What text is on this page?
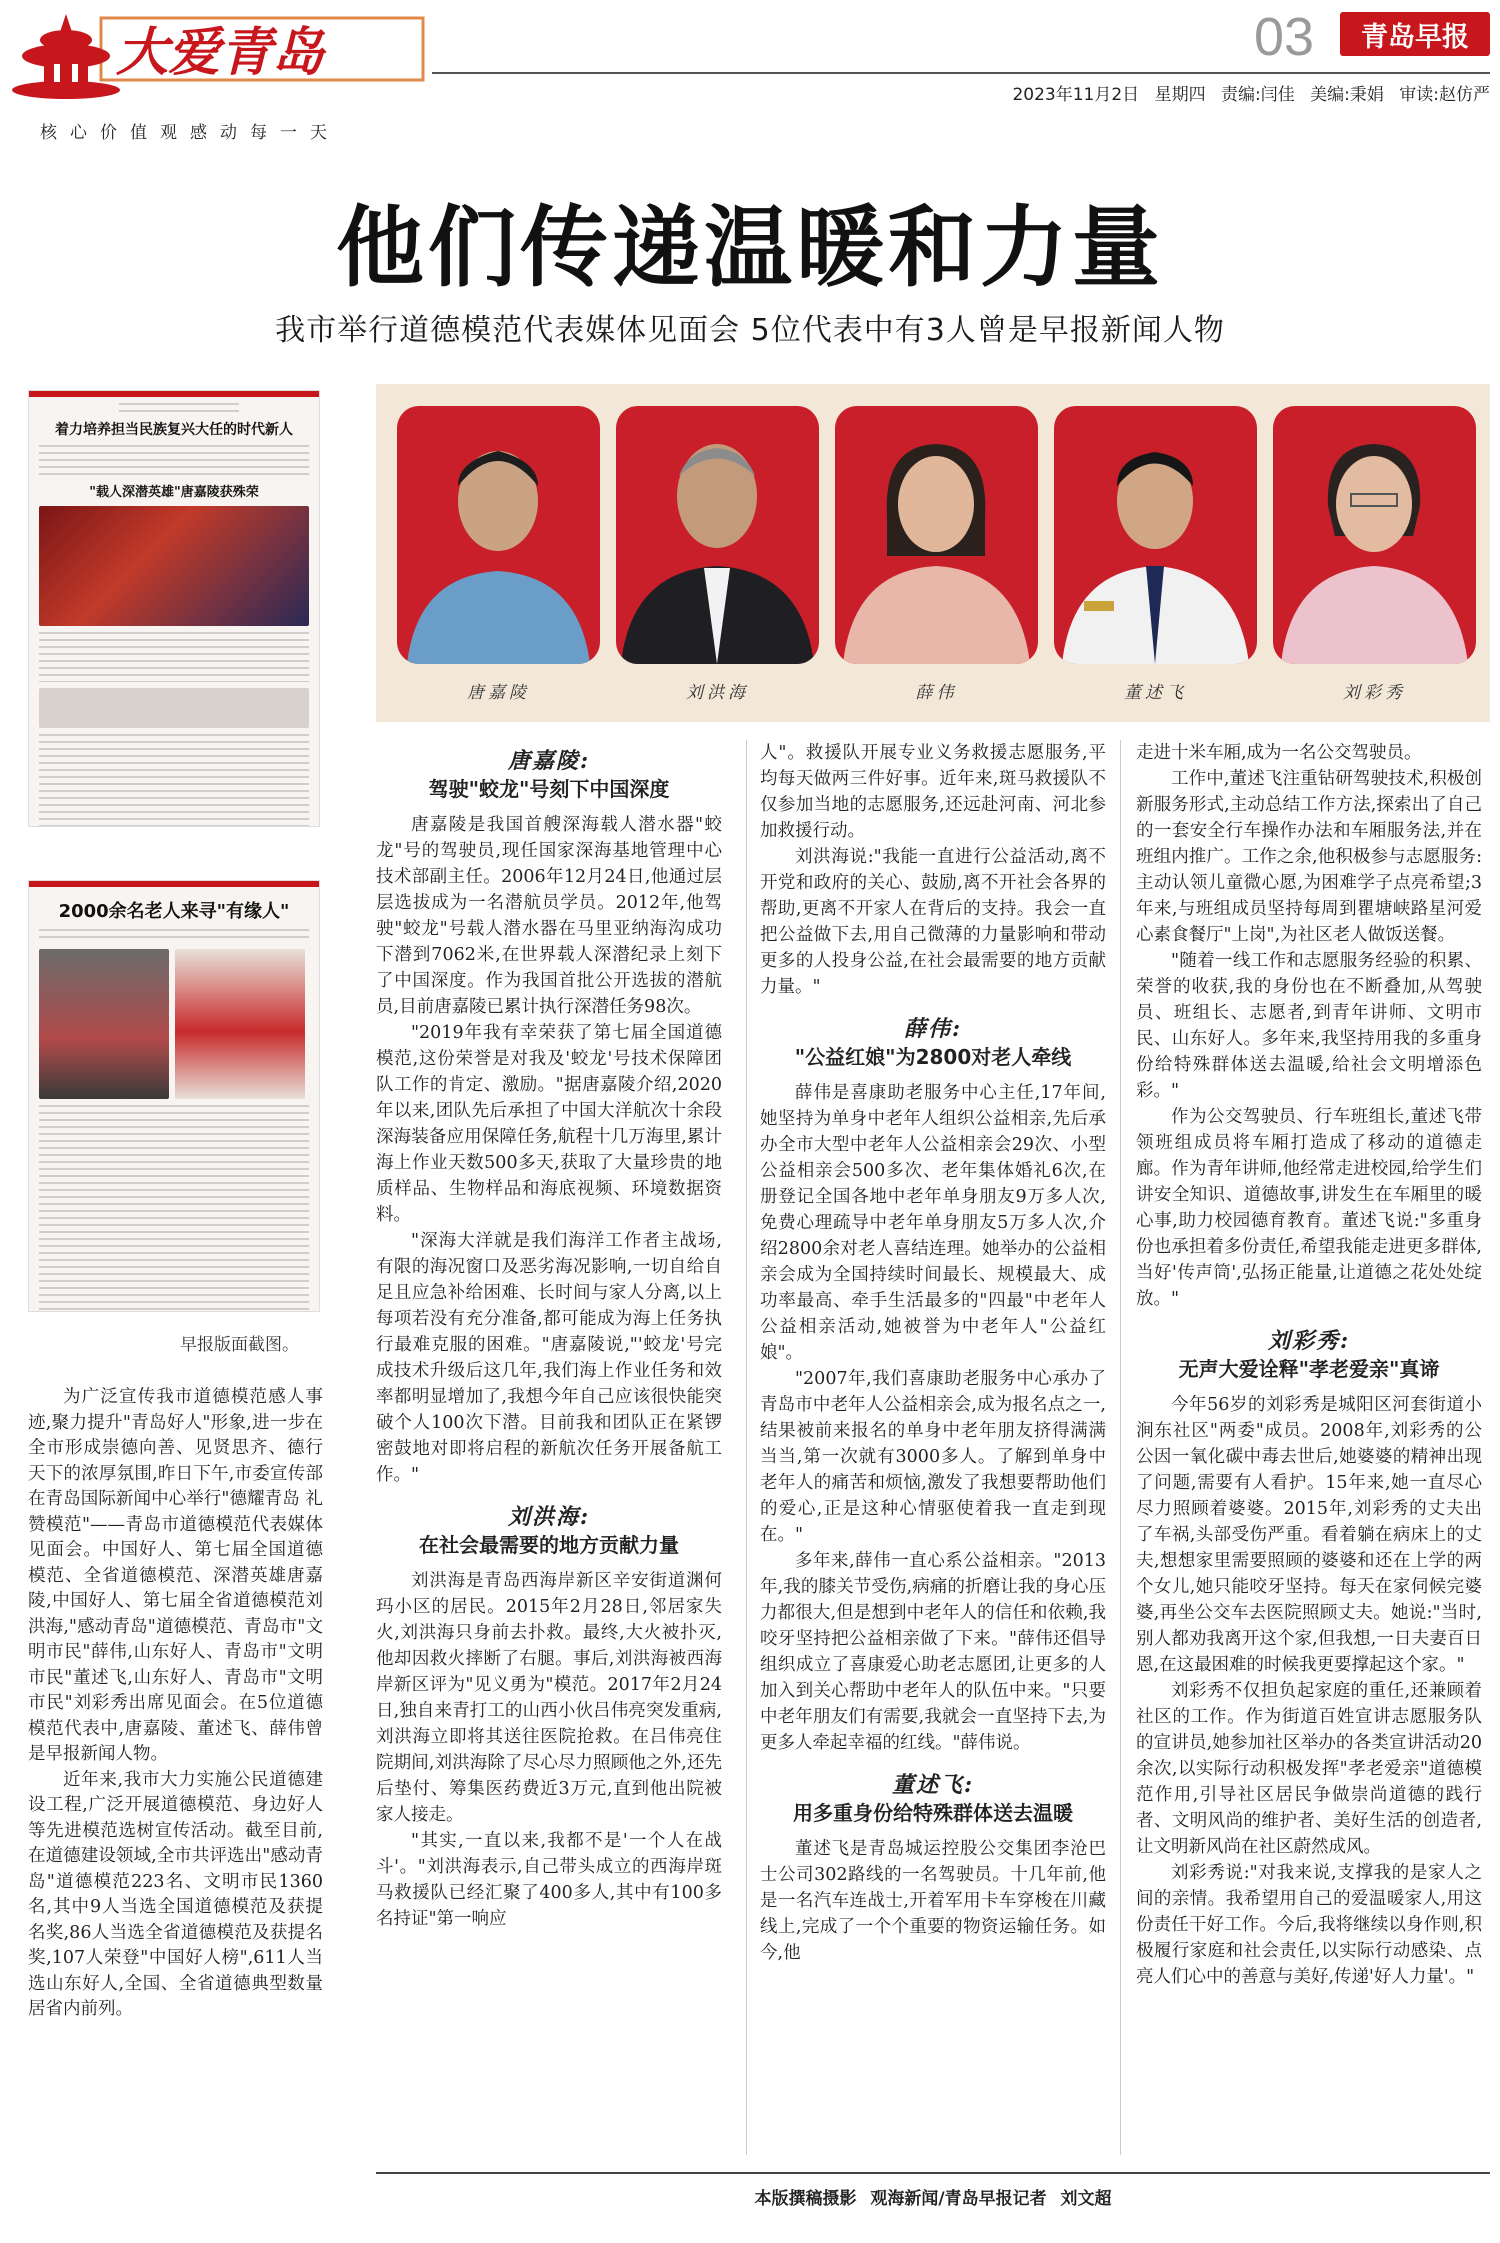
大爱青岛
核心价值观感动每一天
03	青岛早报
2023年11月2日 星期四 责编:闫佳 美编:秉娟 审读:赵仿严
他们传递温暖和力量
我市举行道德模范代表媒体见面会 5位代表中有3人曾是早报新闻人物
着力培养担当民族复兴大任的时代新人
"载人深潜英雄"唐嘉陵获殊荣
2000余名老人来寻"有缘人"
早报版面截图。

为广泛宣传我市道德模范感人事迹,聚力提升"青岛好人"形象,进一步在全市形成崇德向善、见贤思齐、德行天下的浓厚氛围,昨日下午,市委宣传部在青岛国际新闻中心举行"德耀青岛 礼赞模范"——青岛市道德模范代表媒体见面会。中国好人、第七届全国道德模范、全省道德模范、深潜英雄唐嘉陵,中国好人、第七届全省道德模范刘洪海,"感动青岛"道德模范、青岛市"文明市民"薛伟,山东好人、青岛市"文明市民"董述飞,山东好人、青岛市"文明市民"刘彩秀出席见面会。在5位道德模范代表中,唐嘉陵、董述飞、薛伟曾是早报新闻人物。

近年来,我市大力实施公民道德建设工程,广泛开展道德模范、身边好人等先进模范选树宣传活动。截至目前,在道德建设领域,全市共评选出"感动青岛"道德模范223名、文明市民1360名,其中9人当选全国道德模范及获提名奖,86人当选全省道德模范及获提名奖,107人荣登"中国好人榜",611人当选山东好人,全国、全省道德典型数量居省内前列。

唐嘉陵	刘洪海	薛伟	董述飞	刘彩秀
唐嘉陵:
驾驶"蛟龙"号刻下中国深度

唐嘉陵是我国首艘深海载人潜水器"蛟龙"号的驾驶员,现任国家深海基地管理中心技术部副主任。2006年12月24日,他通过层层选拔成为一名潜航员学员。2012年,他驾驶"蛟龙"号载人潜水器在马里亚纳海沟成功下潜到7062米,在世界载人深潜纪录上刻下了中国深度。作为我国首批公开选拔的潜航员,目前唐嘉陵已累计执行深潜任务98次。

"2019年我有幸荣获了第七届全国道德模范,这份荣誉是对我及'蛟龙'号技术保障团队工作的肯定、激励。"据唐嘉陵介绍,2020年以来,团队先后承担了中国大洋航次十余段深海装备应用保障任务,航程十几万海里,累计海上作业天数500多天,获取了大量珍贵的地质样品、生物样品和海底视频、环境数据资料。

"深海大洋就是我们海洋工作者主战场,有限的海况窗口及恶劣海况影响,一切自给自足且应急补给困难、长时间与家人分离,以上每项若没有充分准备,都可能成为海上任务执行最难克服的困难。"唐嘉陵说,"'蛟龙'号完成技术升级后这几年,我们海上作业任务和效率都明显增加了,我想今年自己应该很快能突破个人100次下潜。目前我和团队正在紧锣密鼓地对即将启程的新航次任务开展备航工作。"

刘洪海:
在社会最需要的地方贡献力量

刘洪海是青岛西海岸新区辛安街道渊何玛小区的居民。2015年2月28日,邻居家失火,刘洪海只身前去扑救。最终,大火被扑灭,他却因救火摔断了右腿。事后,刘洪海被西海岸新区评为"见义勇为"模范。2017年2月24日,独自来青打工的山西小伙吕伟亮突发重病,刘洪海立即将其送往医院抢救。在吕伟亮住院期间,刘洪海除了尽心尽力照顾他之外,还先后垫付、筹集医药费近3万元,直到他出院被家人接走。

"其实,一直以来,我都不是'一个人在战斗'。"刘洪海表示,自己带头成立的西海岸斑马救援队已经汇聚了400多人,其中有100多名持证"第一响应

人"。救援队开展专业义务救援志愿服务,平均每天做两三件好事。近年来,斑马救援队不仅参加当地的志愿服务,还远赴河南、河北参加救援行动。

刘洪海说:"我能一直进行公益活动,离不开党和政府的关心、鼓励,离不开社会各界的帮助,更离不开家人在背后的支持。我会一直把公益做下去,用自己微薄的力量影响和带动更多的人投身公益,在社会最需要的地方贡献力量。"

薛伟:
"公益红娘"为2800对老人牵线

薛伟是喜康助老服务中心主任,17年间,她坚持为单身中老年人组织公益相亲,先后承办全市大型中老年人公益相亲会29次、小型公益相亲会500多次、老年集体婚礼6次,在册登记全国各地中老年单身朋友9万多人次,免费心理疏导中老年单身朋友5万多人次,介绍2800余对老人喜结连理。她举办的公益相亲会成为全国持续时间最长、规模最大、成功率最高、牵手生活最多的"四最"中老年人公益相亲活动,她被誉为中老年人"公益红娘"。

"2007年,我们喜康助老服务中心承办了青岛市中老年人公益相亲会,成为报名点之一,结果被前来报名的单身中老年朋友挤得满满当当,第一次就有3000多人。了解到单身中老年人的痛苦和烦恼,激发了我想要帮助他们的爱心,正是这种心情驱使着我一直走到现在。"

多年来,薛伟一直心系公益相亲。"2013年,我的膝关节受伤,病痛的折磨让我的身心压力都很大,但是想到中老年人的信任和依赖,我咬牙坚持把公益相亲做了下来。"薛伟还倡导组织成立了喜康爱心助老志愿团,让更多的人加入到关心帮助中老年人的队伍中来。"只要中老年朋友们有需要,我就会一直坚持下去,为更多人牵起幸福的红线。"薛伟说。

董述飞:
用多重身份给特殊群体送去温暖

董述飞是青岛城运控股公交集团李沧巴士公司302路线的一名驾驶员。十几年前,他是一名汽车连战士,开着军用卡车穿梭在川藏线上,完成了一个个重要的物资运输任务。如今,他

走进十米车厢,成为一名公交驾驶员。

工作中,董述飞注重钻研驾驶技术,积极创新服务形式,主动总结工作方法,探索出了自己的一套安全行车操作办法和车厢服务法,并在班组内推广。工作之余,他积极参与志愿服务:主动认领儿童微心愿,为困难学子点亮希望;3年来,与班组成员坚持每周到瞿塘峡路星河爱心素食餐厅"上岗",为社区老人做饭送餐。

"随着一线工作和志愿服务经验的积累、荣誉的收获,我的身份也在不断叠加,从驾驶员、班组长、志愿者,到青年讲师、文明市民、山东好人。多年来,我坚持用我的多重身份给特殊群体送去温暖,给社会文明增添色彩。"

作为公交驾驶员、行车班组长,董述飞带领班组成员将车厢打造成了移动的道德走廊。作为青年讲师,他经常走进校园,给学生们讲安全知识、道德故事,讲发生在车厢里的暖心事,助力校园德育教育。董述飞说:"多重身份也承担着多份责任,希望我能走进更多群体,当好'传声筒',弘扬正能量,让道德之花处处绽放。"

刘彩秀:
无声大爱诠释"孝老爱亲"真谛

今年56岁的刘彩秀是城阳区河套街道小涧东社区"两委"成员。2008年,刘彩秀的公公因一氧化碳中毒去世后,她婆婆的精神出现了问题,需要有人看护。15年来,她一直尽心尽力照顾着婆婆。2015年,刘彩秀的丈夫出了车祸,头部受伤严重。看着躺在病床上的丈夫,想想家里需要照顾的婆婆和还在上学的两个女儿,她只能咬牙坚持。每天在家伺候完婆婆,再坐公交车去医院照顾丈夫。她说:"当时,别人都劝我离开这个家,但我想,一日夫妻百日恩,在这最困难的时候我更要撑起这个家。"

刘彩秀不仅担负起家庭的重任,还兼顾着社区的工作。作为街道百姓宣讲志愿服务队的宣讲员,她参加社区举办的各类宣讲活动20余次,以实际行动积极发挥"孝老爱亲"道德模范作用,引导社区居民争做崇尚道德的践行者、文明风尚的维护者、美好生活的创造者,让文明新风尚在社区蔚然成风。

刘彩秀说:"对我来说,支撑我的是家人之间的亲情。我希望用自己的爱温暖家人,用这份责任干好工作。今后,我将继续以身作则,积极履行家庭和社会责任,以实际行动感染、点亮人们心中的善意与美好,传递'好人力量'。"

本版撰稿摄影 观海新闻/青岛早报记者 刘文超
